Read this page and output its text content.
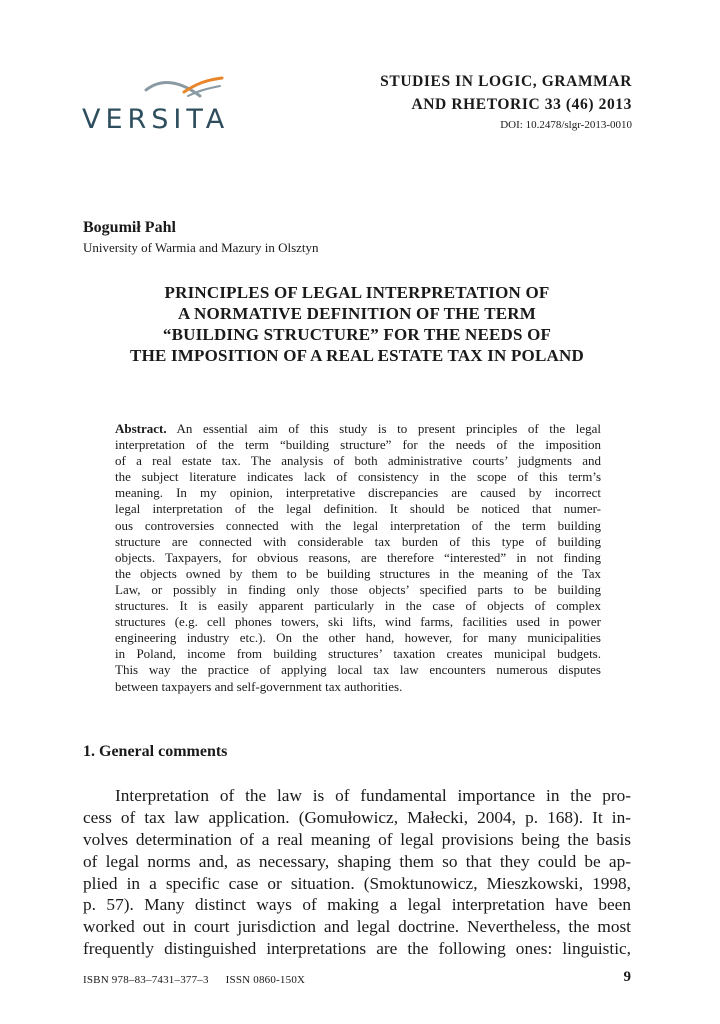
VERSITA
STUDIES IN LOGIC, GRAMMAR
AND RHETORIC 33 (46) 2013
DOI: 10.2478/slgr-2013-0010
Bogumił Pahl
University of Warmia and Mazury in Olsztyn
PRINCIPLES OF LEGAL INTERPRETATION OF
A NORMATIVE DEFINITION OF THE TERM
“BUILDING STRUCTURE” FOR THE NEEDS OF
THE IMPOSITION OF A REAL ESTATE TAX IN POLAND
Abstract. An essential aim of this study is to present principles of the legal
interpretation of the term “building structure” for the needs of the imposition
of a real estate tax. The analysis of both administrative courts’ judgments and
the subject literature indicates lack of consistency in the scope of this term’s
meaning. In my opinion, interpretative discrepancies are caused by incorrect
legal interpretation of the legal definition. It should be noticed that numer-
ous controversies connected with the legal interpretation of the term building
structure are connected with considerable tax burden of this type of building
objects. Taxpayers, for obvious reasons, are therefore “interested” in not finding
the objects owned by them to be building structures in the meaning of the Tax
Law, or possibly in finding only those objects’ specified parts to be building
structures. It is easily apparent particularly in the case of objects of complex
structures (e.g. cell phones towers, ski lifts, wind farms, facilities used in power
engineering industry etc.). On the other hand, however, for many municipalities
in Poland, income from building structures’ taxation creates municipal budgets.
This way the practice of applying local tax law encounters numerous disputes
between taxpayers and self-government tax authorities.
1. General comments
Interpretation of the law is of fundamental importance in the pro-
cess of tax law application. (Gomułowicz, Małecki, 2004, p. 168). It in-
volves determination of a real meaning of legal provisions being the basis
of legal norms and, as necessary, shaping them so that they could be ap-
plied in a specific case or situation. (Smoktunowicz, Mieszkowski, 1998,
p. 57). Many distinct ways of making a legal interpretation have been
worked out in court jurisdiction and legal doctrine. Nevertheless, the most
frequently distinguished interpretations are the following ones: linguistic,
ISBN 978–83–7431–377–3 ISSN 0860-150X	9
